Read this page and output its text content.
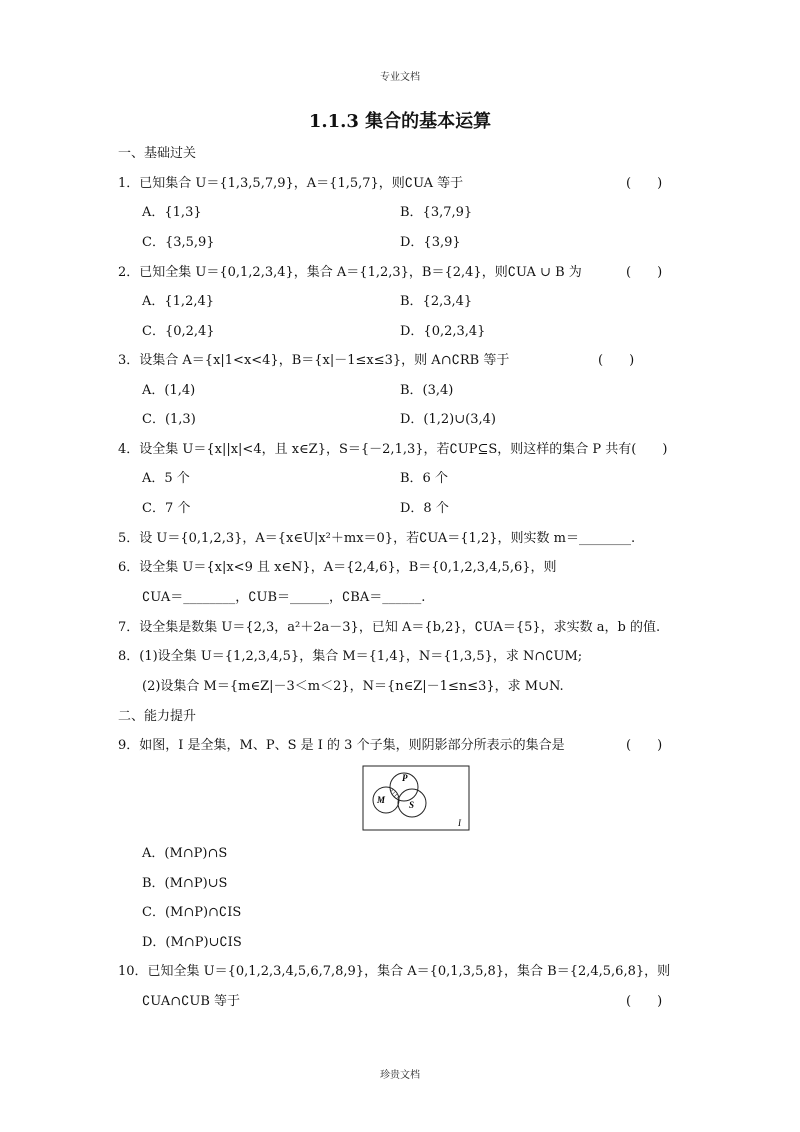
专业文档
1.1.3 集合的基本运算
一、基础过关
1．已知集合 U＝{1,3,5,7,9}，A＝{1,5,7}，则∁UA 等于	(　　)
A．{1,3}	B．{3,7,9}
C．{3,5,9}	D．{3,9}
2．已知全集 U＝{0,1,2,3,4}，集合 A＝{1,2,3}，B＝{2,4}，则∁UA ∪ B 为	(　　)
A．{1,2,4}	B．{2,3,4}
C．{0,2,4}	D．{0,2,3,4}
3．设集合 A＝{x|1<x<4}，B＝{x|－1≤x≤3}，则 A∩∁RB 等于	(　　)
A．(1,4)	B．(3,4)
C．(1,3)	D．(1,2)∪(3,4)
4．设全集 U＝{x||x|<4，且 x∈Z}，S＝{－2,1,3}，若∁UP⊆S，则这样的集合 P 共有(　　)
A．5 个	B．6 个
C．7 个	D．8 个
5．设 U＝{0,1,2,3}，A＝{x∈U|x²＋mx＝0}，若∁UA＝{1,2}，则实数 m＝________.
6．设全集 U＝{x|x<9 且 x∈N}，A＝{2,4,6}，B＝{0,1,2,3,4,5,6}，则
∁UA＝________，∁UB＝______，∁BA＝______.
7．设全集是数集 U＝{2,3，a²＋2a－3}，已知 A＝{b,2}，∁UA＝{5}，求实数 a，b 的值.
8．(1)设全集 U＝{1,2,3,4,5}，集合 M＝{1,4}，N＝{1,3,5}，求 N∩∁UM;
(2)设集合 M＝{m∈Z|－3＜m＜2}，N＝{n∈Z|－1≤n≤3}，求 M∪N.
二、能力提升
9．如图，I 是全集，M、P、S 是 I 的 3 个子集，则阴影部分所表示的集合是	(　　)
P
M	S
I
A．(M∩P)∩S
B．(M∩P)∪S
C．(M∩P)∩∁IS
D．(M∩P)∪∁IS
10．已知全集 U＝{0,1,2,3,4,5,6,7,8,9}，集合 A＝{0,1,3,5,8}，集合 B＝{2,4,5,6,8}，则
∁UA∩∁UB 等于	(　　)
珍贵文档
